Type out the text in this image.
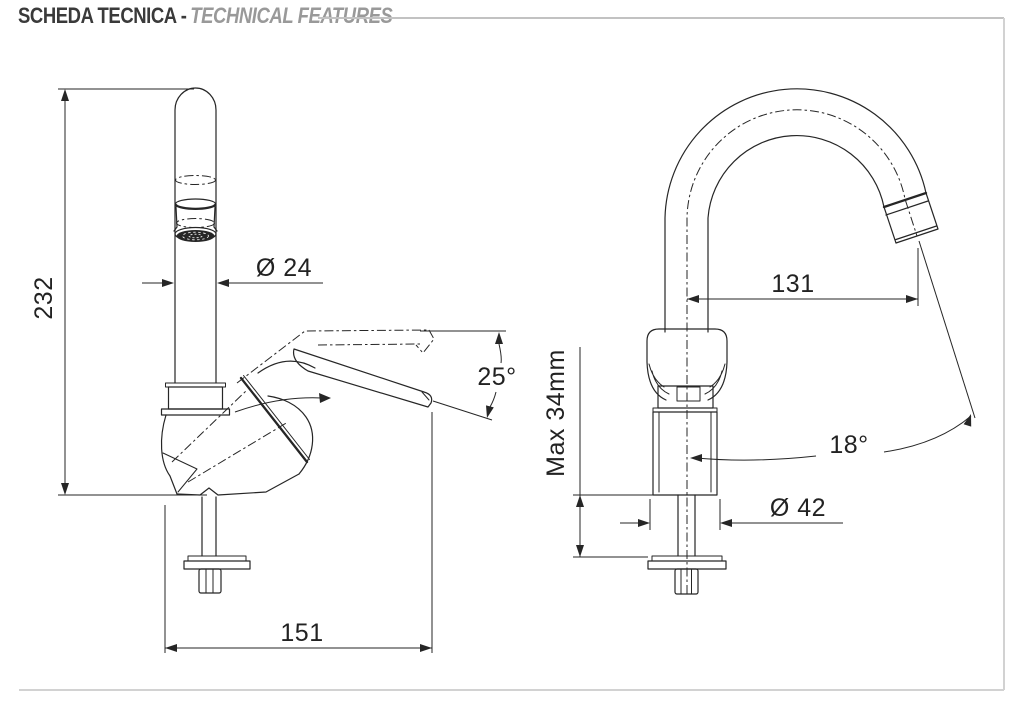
SCHEDA TECNICA - TECHNICAL FEATURES
232
Ø 24
25°
151
131
18°
Max 34mm
Ø 42
